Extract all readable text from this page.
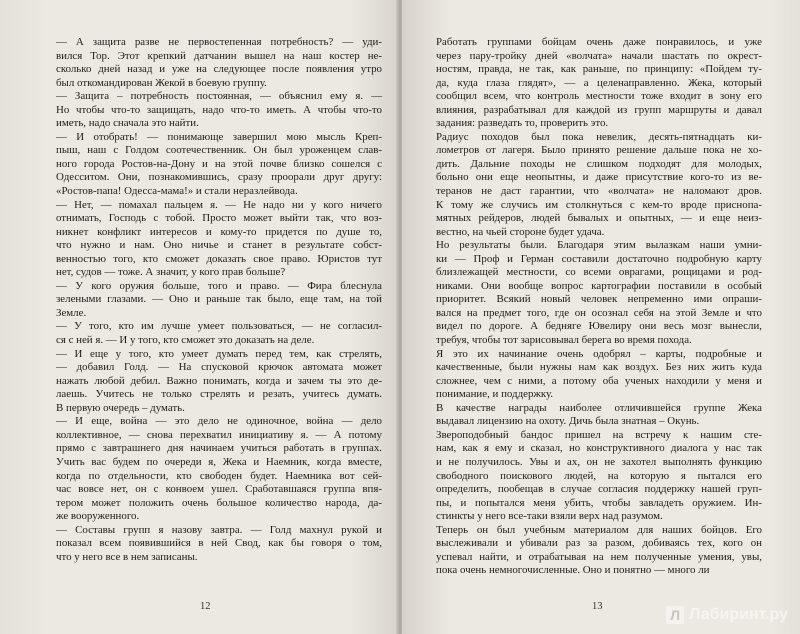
— А защита разве не первостепенная потребность? — уди-
вился Тор. Этот крепкий датчанин вышел на наш костер не-
сколько дней назад и уже на следующее после появления утро
был откомандирован Жекой в боевую группу.

— Защита – потребность постоянная, — объяснил ему я. —
Но чтобы что-то защищать, надо что-то иметь. А чтобы что-то
иметь, надо сначала это найти.

— И отобрать! — понимающе завершил мою мысль Креп-
пыш, наш с Голдом соотечественник. Он был уроженцем слав-
ного города Ростов-на-Дону и на этой почве близко сошелся с
Одесситом. Они, познакомившись, сразу проорали друг другу:
«Ростов-папа! Одесса-мама!» и стали неразлейвода.

— Нет, — помахал пальцем я. — Не надо ни у кого ничего
отнимать, Господь с тобой. Просто может выйти так, что воз-
никнет конфликт интересов и кому-то придется по душе то,
что нужно и нам. Оно ничье и станет в результате собст-
венностью того, кто сможет доказать свое право. Юристов тут
нет, судов — тоже. А значит, у кого прав больше?

— У кого оружия больше, того и право. — Фира блеснула
зелеными глазами. — Оно и раньше так было, еще там, на той
Земле.

— У того, кто им лучше умеет пользоваться, — не согласил-
ся с ней я. — И у того, кто сможет это доказать на деле.

— И еще у того, кто умеет думать перед тем, как стрелять,
— добавил Голд. — На спусковой крючок автомата может
нажать любой дебил. Важно понимать, когда и зачем ты это де-
лаешь. Учитесь не только стрелять и резать, учитесь думать.
В первую очередь – думать.

— И еще, война — это дело не одиночное, война — дело
коллективное, — снова перехватил инициативу я. — А потому
прямо с завтрашнего дня начинаем учиться работать в группах.
Учить вас будем по очереди я, Жека и Наемник, когда вместе,
когда по отдельности, кто свободен будет. Наемника вот сей-
час вовсе нет, он с конвоем ушел. Сработавшаяся группа впя-
тером может положить очень большое количество народа, да-
же вооруженного.

— Составы групп я назову завтра. — Голд махнул рукой и
показал всем появившийся в ней Свод, как бы говоря о том,
что у него все в нем записаны.

12

Работать группами бойцам очень даже понравилось, и уже
через пару-тройку дней «волчата» начали шастать по окрест-
ностям, правда, не так, как раньше, по принципу: «Пойдем ту-
да, куда глаза глядят», — а целенаправленно. Жека, который
сообщил всем, что контроль местности тоже входит в зону его
влияния, разрабатывал для каждой из групп маршруты и давал
задания: разведать то, проверить это.

Радиус походов был пока невелик, десять-пятнадцать ки-
лометров от лагеря. Было принято решение дальше пока не хо-
дить. Дальние походы не слишком подходят для молодых,
больно они еще неопытны, и даже присутствие кого-то из ве-
теранов не даст гарантии, что «волчата» не наломают дров.
К тому же случись им столкнуться с кем-то вроде приснопа-
мятных рейдеров, людей бывалых и опытных, — и еще неиз-
вестно, на чьей стороне будет удача.

Но результаты были. Благодаря этим вылазкам наши умни-
ки — Проф и Герман составили достаточно подробную карту
близлежащей местности, со всеми оврагами, рощицами и род-
никами. Они вообще вопрос картографии поставили в особый
приоритет. Всякий новый человек непременно ими опраши-
вался на предмет того, где он осознал себя на этой Земле и что
видел по дороге. А бедняге Ювелиру они весь мозг вынесли,
требуя, чтобы тот зарисовывал берега во время похода.

Я это их начинание очень одобрял – карты, подробные и
качественные, были нужны нам как воздух. Без них жить куда
сложнее, чем с ними, а потому оба ученых находили у меня и
понимание, и поддержку.

В качестве награды наиболее отличившейся группе Жека
выдавал лицензию на охоту. Дичь была знатная – Окунь.

Звероподобный бандос пришел на встречу к нашим сте-
нам, как я ему и сказал, но конструктивного диалога у нас так
и не получилось. Увы и ах, он не захотел выполнять функцию
свободного поискового людей, на которую я пытался его
определить, пообещав в случае согласия поддержку нашей груп-
пы, и попытался меня убить, чтобы завладеть оружием. Ин-
стинкты у него все-таки взяли верх над разумом.

Теперь он был учебным материалом для наших бойцов. Его
выслеживали и убивали раз за разом, добиваясь тех, кого он
успевал найти, и отрабатывая на нем полученные умения, увы,
пока очень немногочисленные. Оно и понятно — много ли

13
Л Лабиринт.ру
